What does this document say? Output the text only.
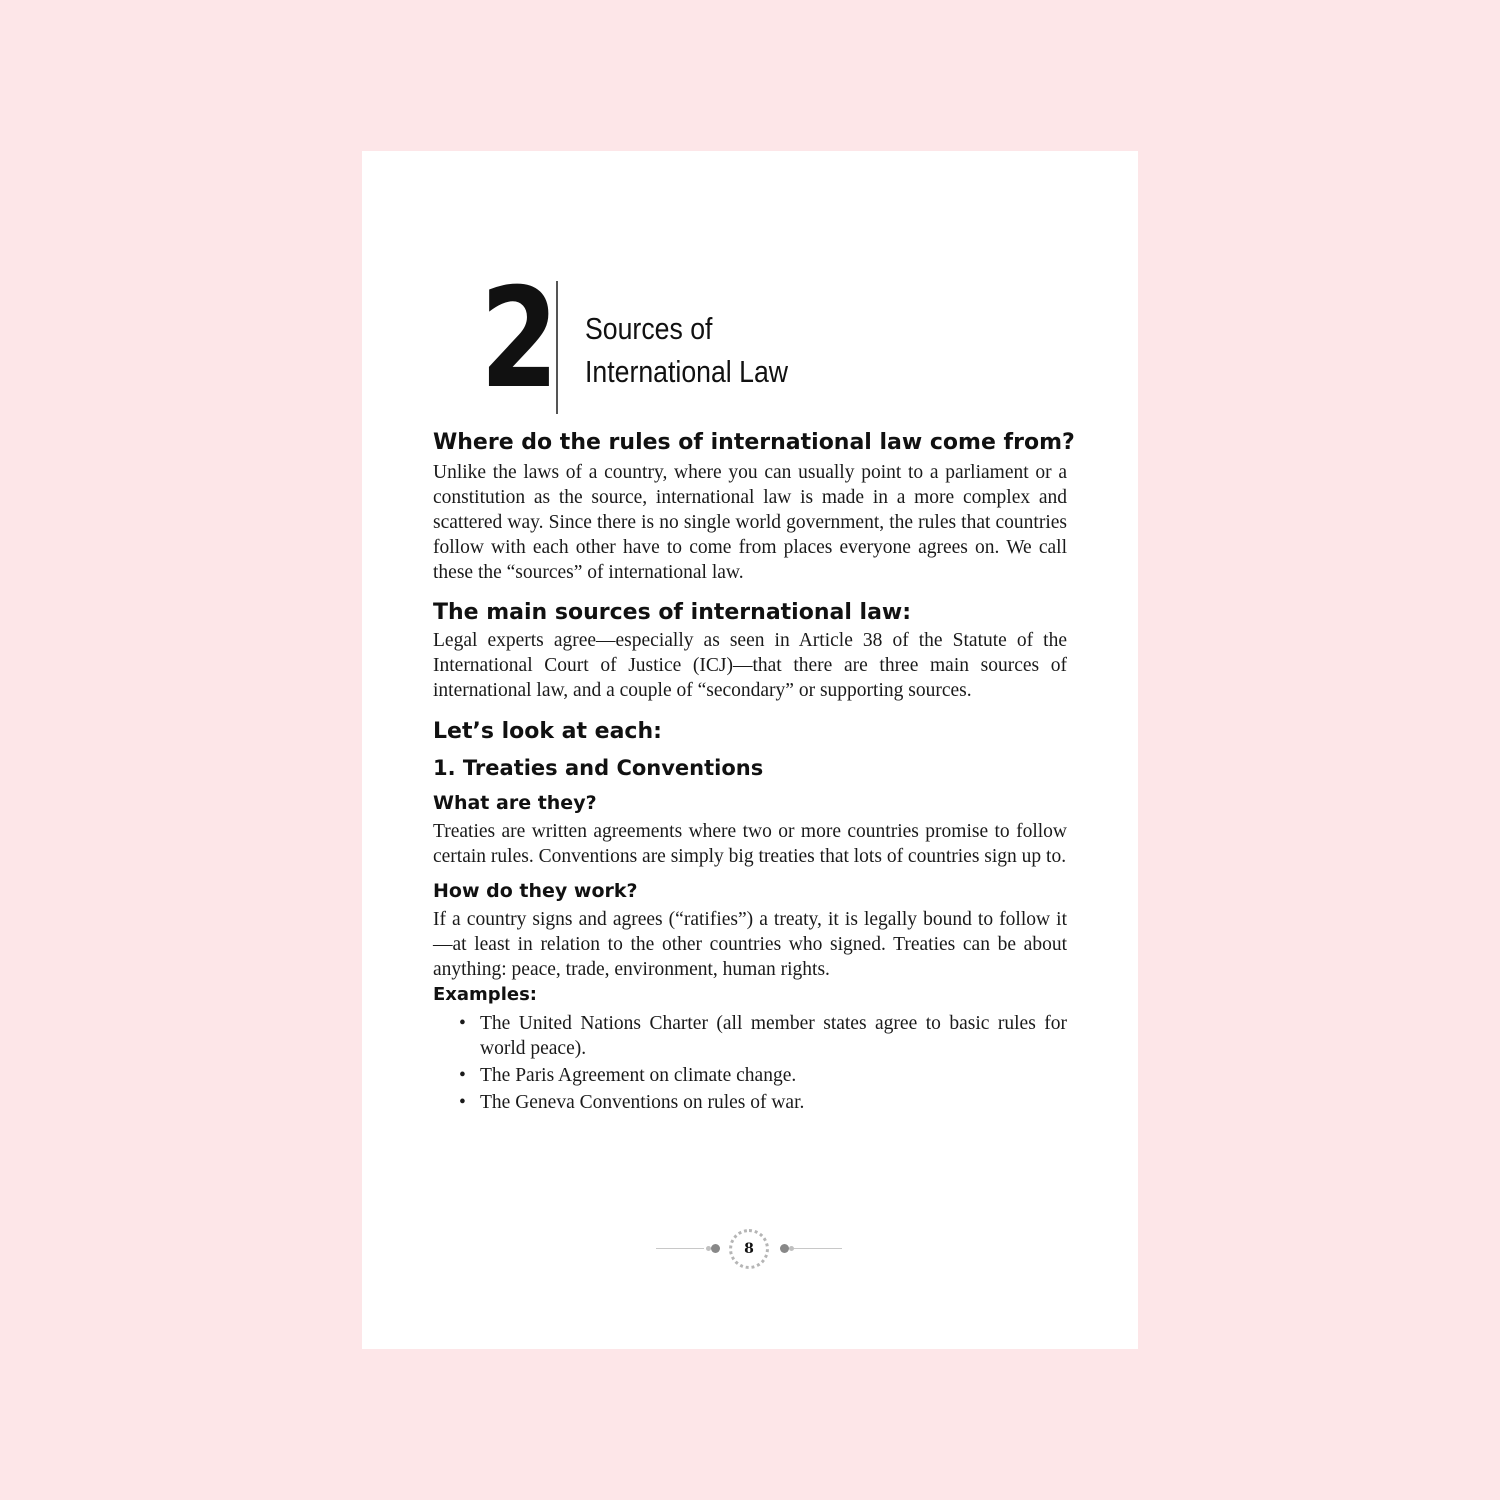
2 Sources of
International Law
Where do the rules of international law come from?

Unlike the laws of a country, where you can usually point to a parliament or a constitution as the source, international law is made in a more complex and scattered way. Since there is no single world government, the rules that countries follow with each other have to come from places everyone agrees on. We call these the “sources” of international law.

The main sources of international law:

Legal experts agree—especially as seen in Article 38 of the Statute of the International Court of Justice (ICJ)—that there are three main sources of international law, and a couple of “secondary” or supporting sources.

Let’s look at each:
1. Treaties and Conventions
What are they?

Treaties are written agreements where two or more countries promise to follow certain rules. Conventions are simply big treaties that lots of countries sign up to.

How do they work?

If a country signs and agrees (“ratifies”) a treaty, it is legally bound to follow it—at least in relation to the other countries who signed. Treaties can be about anything: peace, trade, environment, human rights.

Examples:
• The United Nations Charter (all member states agree to basic rules for world peace).
• The Paris Agreement on climate change.
• The Geneva Conventions on rules of war.
8
